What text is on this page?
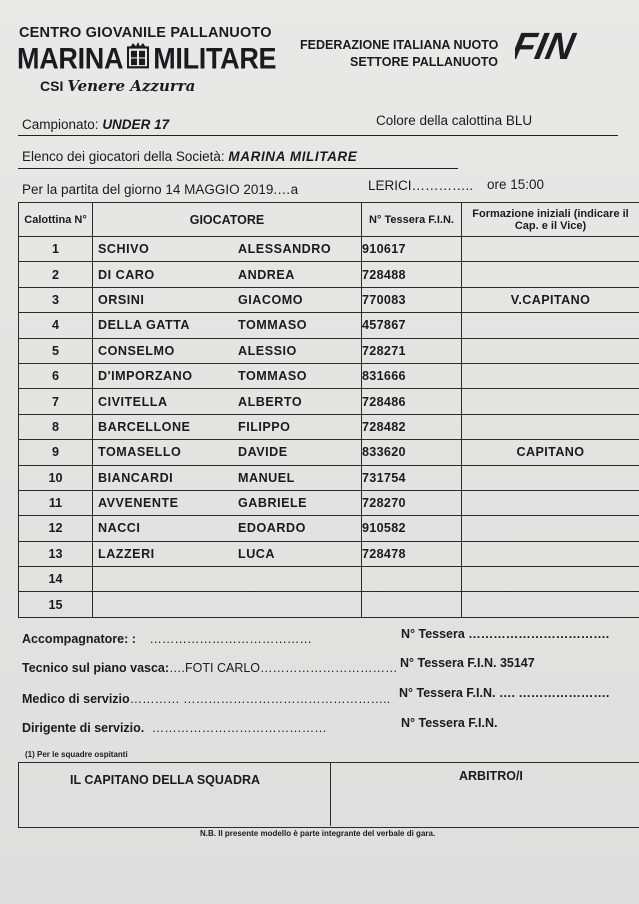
CENTRO GIOVANILE PALLANUOTO
MARINA MILITARE
CSI Venere Azzurra
FEDERAZIONE ITALIANA NUOTO
SETTORE PALLANUOTO FIN
Campionato: UNDER 17	Colore della calottina BLU
Elenco dei giocatori della Società: MARINA MILITARE
Per la partita del giorno 14 MAGGIO 2019.…a	LERICI………….. ore 15:00
Calottina N°	GIOCATORE	N° Tessera F.I.N.	Formazione iniziali (indicare il Cap. e il Vice)
1	SCHIVO ALESSANDRO	910617	
2	DI CARO ANDREA	728488	
3	ORSINI GIACOMO	770083	V.CAPITANO
4	DELLA GATTA TOMMASO	457867	
5	CONSELMO ALESSIO	728271	
6	D'IMPORZANO TOMMASO	831666	
7	CIVITELLA ALBERTO	728486	
8	BARCELLONE FILIPPO	728482	
9	TOMASELLO DAVIDE	833620	CAPITANO
10	BIANCARDI MANUEL	731754	
11	AVVENENTE GABRIELE	728270	
12	NACCI EDOARDO	910582	
13	LAZZERI LUCA	728478	
14			
15			
Accompagnatore: : …………………………………	N° Tessera …………………………….
Tecnico sul piano vasca:….FOTI CARLO…………………………… N° Tessera F.I.N. 35147
Medico di servizio………… ………………………………………….. N° Tessera F.I.N. …. ………………….
Dirigente di servizio. ……………………………………	N° Tessera F.I.N.
(1) Per le squadre ospitanti
IL CAPITANO DELLA SQUADRA	ARBITRO/I
N.B. Il presente modello è parte integrante del verbale di gara.
